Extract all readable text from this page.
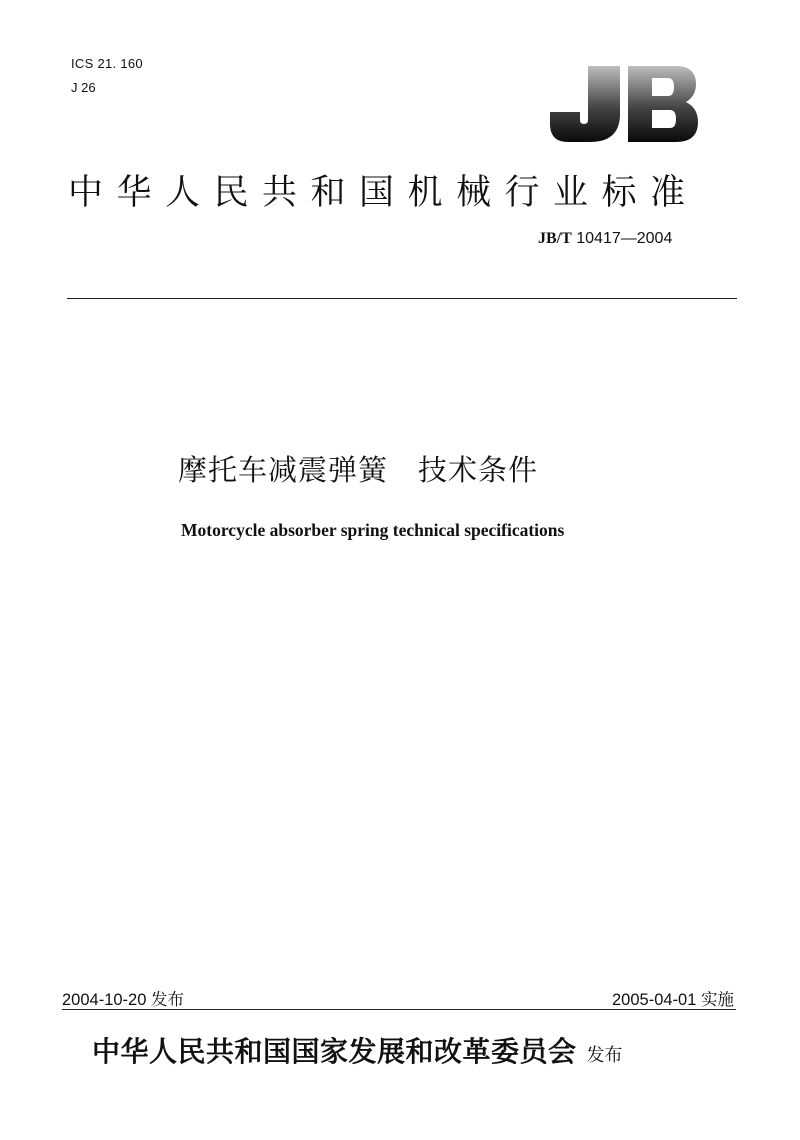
ICS 21. 160
J 26
中华人民共和国机械行业标准
JB/T 10417—2004
摩托车减震弹簧 技术条件
Motorcycle absorber spring technical specifications
2004-10-20 发布	2005-04-01 实施
中华人民共和国国家发展和改革委员会 发布
